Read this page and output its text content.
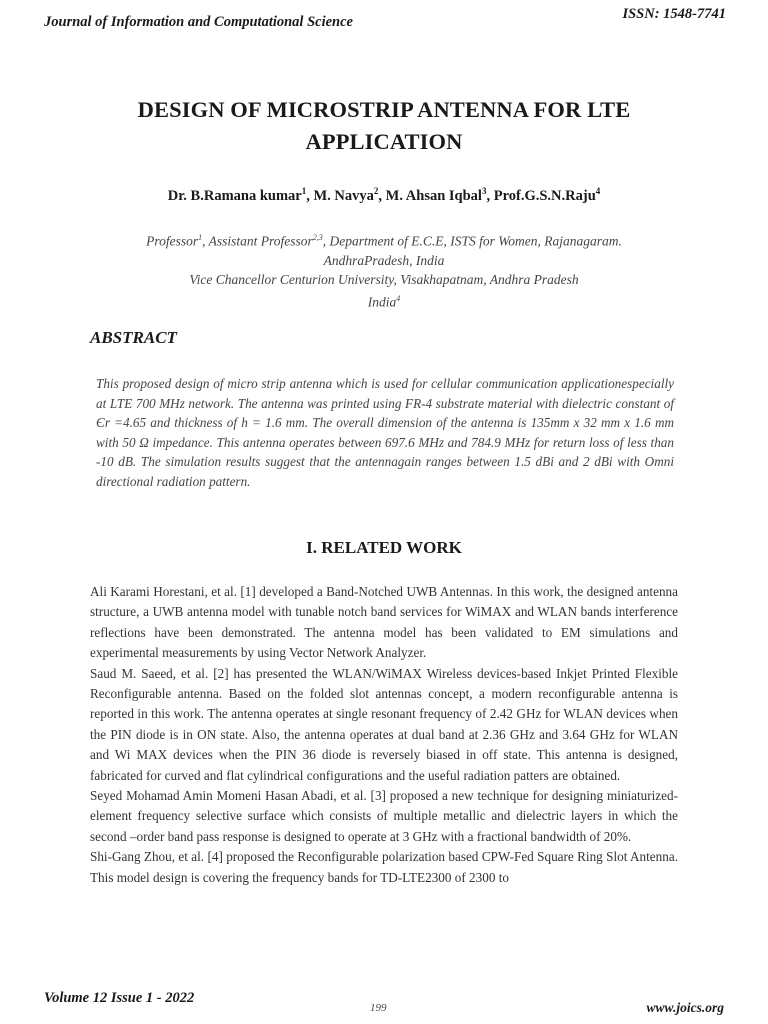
Journal of Information and Computational Science	ISSN: 1548-7741
DESIGN OF MICROSTRIP ANTENNA FOR LTE APPLICATION
Dr. B.Ramana kumar$^1$, M. Navya$^2$, M. Ahsan Iqbal$^3$, Prof.G.S.N.Raju$^4$
Professor$^1$, Assistant Professor$^{2,3}$, Department of E.C.E, ISTS for Women, Rajanagaram.
AndhraPradesh, India
Vice Chancellor Centurion University, Visakhapatnam, Andhra Pradesh
India$^4$
ABSTRACT
This proposed design of micro strip antenna which is used for cellular communication applicationespecially at LTE 700 MHz network. The antenna was printed using FR-4 substrate material with dielectric constant of Єr =4.65 and thickness of h = 1.6 mm. The overall dimension of the antenna is 135mm x 32 mm x 1.6 mm with 50 Ω impedance. This antenna operates between 697.6 MHz and 784.9 MHz for return loss of less than -10 dB. The simulation results suggest that the antennagain ranges between 1.5 dBi and 2 dBi with Omni directional radiation pattern.
I. RELATED WORK

Ali Karami Horestani, et al. [1] developed a Band-Notched UWB Antennas. In this work, the designed antenna structure, a UWB antenna model with tunable notch band services for WiMAX and WLAN bands interference reflections have been demonstrated. The antenna model has been validated to EM simulations and experimental measurements by using Vector Network Analyzer.

Saud M. Saeed, et al. [2] has presented the WLAN/WiMAX Wireless devices-based Inkjet Printed Flexible Reconfigurable antenna. Based on the folded slot antennas concept, a modern reconfigurable antenna is reported in this work. The antenna operates at single resonant frequency of 2.42 GHz for WLAN devices when the PIN diode is in ON state. Also, the antenna operates at dual band at 2.36 GHz and 3.64 GHz for WLAN and Wi MAX devices when the PIN 36 diode is reversely biased in off state. This antenna is designed, fabricated for curved and flat cylindrical configurations and the useful radiation patters are obtained.

Seyed Mohamad Amin Momeni Hasan Abadi, et al. [3] proposed a new technique for designing miniaturized-element frequency selective surface which consists of multiple metallic and dielectric layers in which the second –order band pass response is designed to operate at 3 GHz with a fractional bandwidth of 20%.

Shi-Gang Zhou, et al. [4] proposed the Reconfigurable polarization based CPW-Fed Square Ring Slot Antenna. This model design is covering the frequency bands for TD-LTE2300 of 2300 to

Volume 12 Issue 1 - 2022
199	www.joics.org
